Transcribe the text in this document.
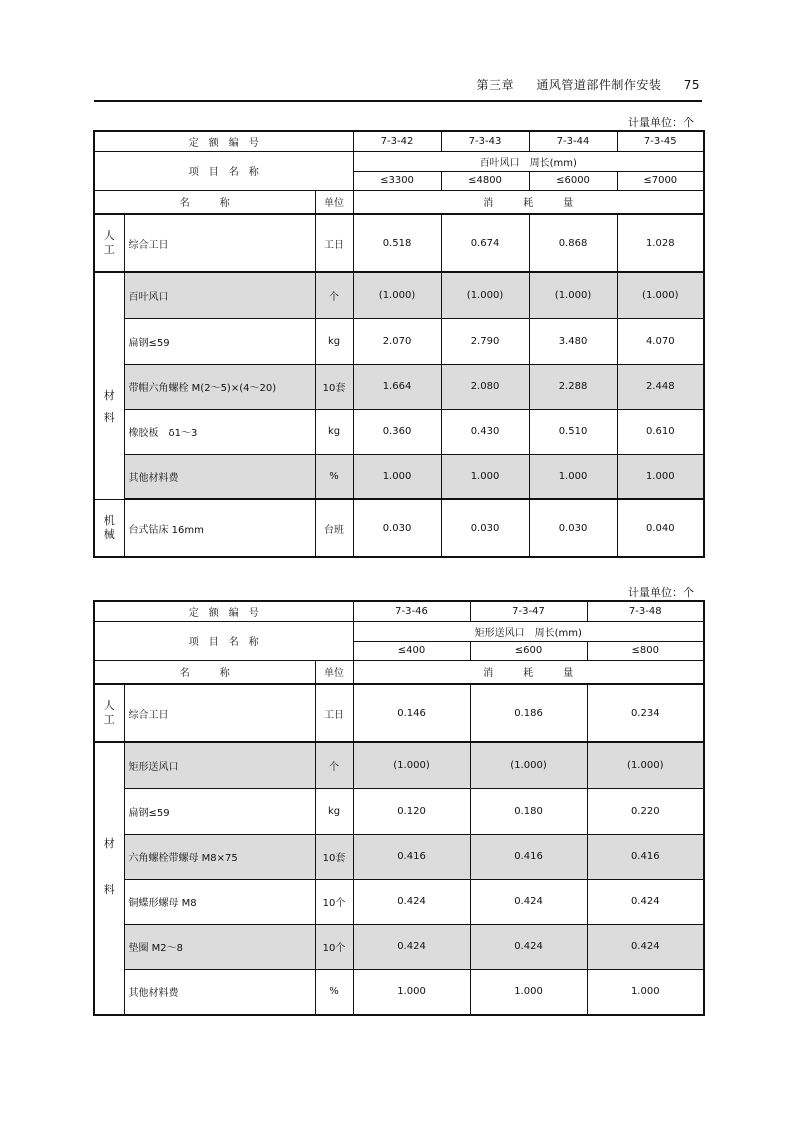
第三章 通风管道部件制作安装 75
计量单位：个
定　额　编　号			7-3-42	7-3-43	7-3-44	7-3-45
项　目　名　称			百叶风口　周长(mm)			
			≤3300	≤4800	≤6000	≤7000
名　　　称		单位	消　　　耗　　　量			
人
工	综合工日	工日	0.518	0.674	0.868	1.028
材	百叶风口	个	(1.000)	(1.000)	(1.000)	(1.000)
	扁钢≤59	kg	2.070	2.790	3.480	4.070
	带帽六角螺栓 M(2～5)×(4～20)	10套	1.664	2.080	2.288	2.448
料	橡胶板　δ1～3	kg	0.360	0.430	0.510	0.610
	其他材料费	%	1.000	1.000	1.000	1.000
机
械	台式钻床 16mm	台班	0.030	0.030	0.030	0.040
计量单位：个
定　额　编　号			7-3-46	7-3-47	7-3-48
项　目　名　称			矩形送风口　周长(mm)		
			≤400	≤600	≤800
名　　　称		单位	消　　　耗　　　量		
人
工	综合工日	工日	0.146	0.186	0.234
材	矩形送风口	个	(1.000)	(1.000)	(1.000)
	扁钢≤59	kg	0.120	0.180	0.220
	六角螺栓带螺母 M8×75	10套	0.416	0.416	0.416
料	铜蝶形螺母 M8	10个	0.424	0.424	0.424
	垫圈 M2～8	10个	0.424	0.424	0.424
	其他材料费	%	1.000	1.000	1.000
